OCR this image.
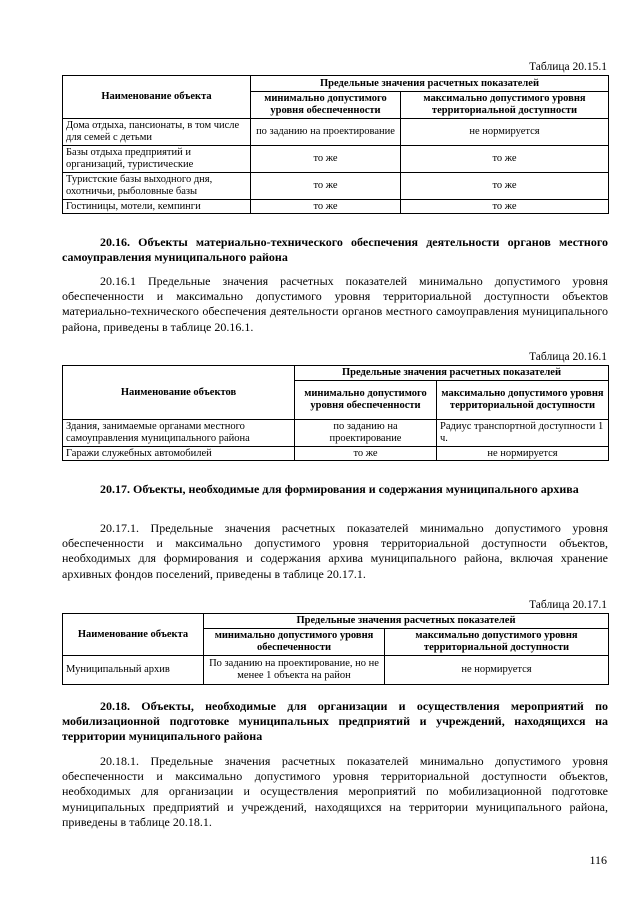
Таблица 20.15.1
Наименование объекта	Предельные значения расчетных показателей	
	минимально допустимого уровня обеспеченности	максимально допустимого уровня территориальной доступности
Дома отдыха, пансионаты, в том числе для семей с детьми	по заданию на проектирование	не нормируется
Базы отдыха предприятий и организаций, туристические	то же	то же
Туристские базы выходного дня, охотничьи, рыболовные базы	то же	то же
Гостиницы, мотели, кемпинги	то же	то же
20.16. Объекты материально-технического обеспечения деятельности органов местного самоуправления муниципального района
20.16.1 Предельные значения расчетных показателей минимально допустимого уровня обеспеченности и максимально допустимого уровня территориальной доступности объектов материально-технического обеспечения деятельности органов местного самоуправления муниципального района, приведены в таблице 20.16.1.
Таблица 20.16.1
Наименование объектов	Предельные значения расчетных показателей	
	минимально допустимого уровня обеспеченности	максимально допустимого уровня территориальной доступности
Здания, занимаемые органами местного самоуправления муниципального района	по заданию на проектирование	Радиус транспортной доступности 1 ч.
Гаражи служебных автомобилей	то же	не нормируется
20.17. Объекты, необходимые для формирования и содержания муниципального архива
20.17.1. Предельные значения расчетных показателей минимально допустимого уровня обеспеченности и максимально допустимого уровня территориальной доступности объектов, необходимых для формирования и содержания архива муниципального района, включая хранение архивных фондов поселений, приведены в таблице 20.17.1.
Таблица 20.17.1
Наименование объекта	Предельные значения расчетных показателей	
	минимально допустимого уровня обеспеченности	максимально допустимого уровня территориальной доступности
Муниципальный архив	По заданию на проектирование, но не менее 1 объекта на район	не нормируется
20.18. Объекты, необходимые для организации и осуществления мероприятий по мобилизационной подготовке муниципальных предприятий и учреждений, находящихся на территории муниципального района
20.18.1. Предельные значения расчетных показателей минимально допустимого уровня обеспеченности и максимально допустимого уровня территориальной доступности объектов, необходимых для организации и осуществления мероприятий по мобилизационной подготовке муниципальных предприятий и учреждений, находящихся на территории муниципального района, приведены в таблице 20.18.1.
116
